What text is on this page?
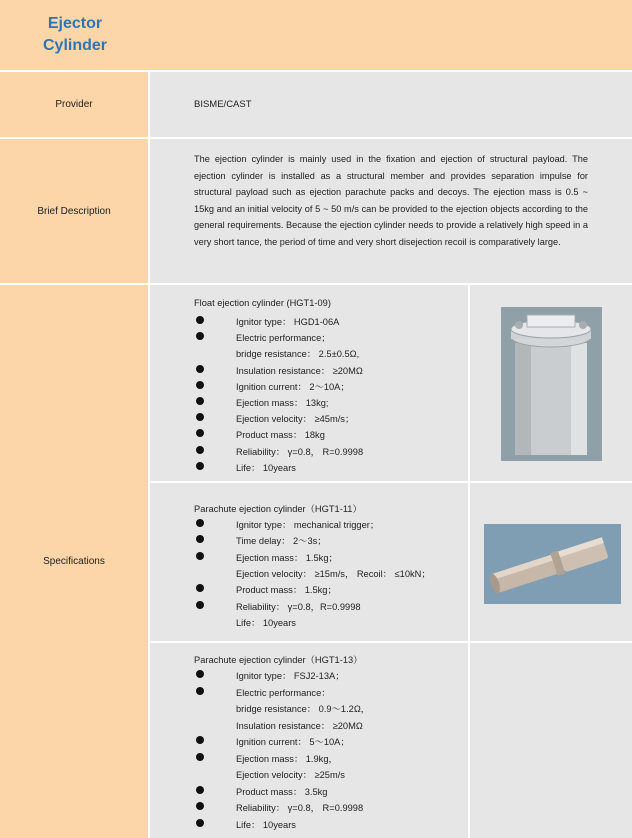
Ejector
Cylinder
Provider	BISME/CAST
Brief Description
The ejection cylinder is mainly used in the fixation and ejection of structural payload. The ejection cylinder is installed as a structural member and provides separation impulse for structural payload such as ejection parachute packs and decoys. The ejection mass is 0.5 ~ 15kg and an initial velocity of 5 ~ 50 m/s can be provided to the ejection objects according to the general requirements. Because the ejection cylinder needs to provide a relatively high speed in a very short tance, the period of time and very short disejection recoil is comparatively large.
Specifications
Float ejection cylinder (HGT1-09)
Ignitor type： HGD1-06A
Electric performance；
bridge resistance： 2.5±0.5Ω,
Insulation resistance： ≥20MΩ
Ignition current： 2～10A；
Ejection mass： 13kg;
Ejection velocity： ≥45m/s；
Product mass： 18kg
Reliability： γ=0.8， R=0.9998
Life： 10years
Parachute ejection cylinder（HGT1-11）
Ignitor type： mechanical trigger；
Time delay： 2～3s；
Ejection mass： 1.5kg；
Ejection velocity： ≥15m/s， Recoil： ≤10kN；
Product mass： 1.5kg；
Reliability： γ=0.8，R=0.9998
Life： 10years
Parachute ejection cylinder（HGT1-13）
Ignitor type： FSJ2-13A；
Electric performance：
bridge resistance： 0.9～1.2Ω，
Insulation resistance： ≥20MΩ
Ignition current： 5～10A；
Ejection mass： 1.9kg，
Ejection velocity： ≥25m/s
Product mass： 3.5kg
Reliability： γ=0.8， R=0.9998
Life： 10years
